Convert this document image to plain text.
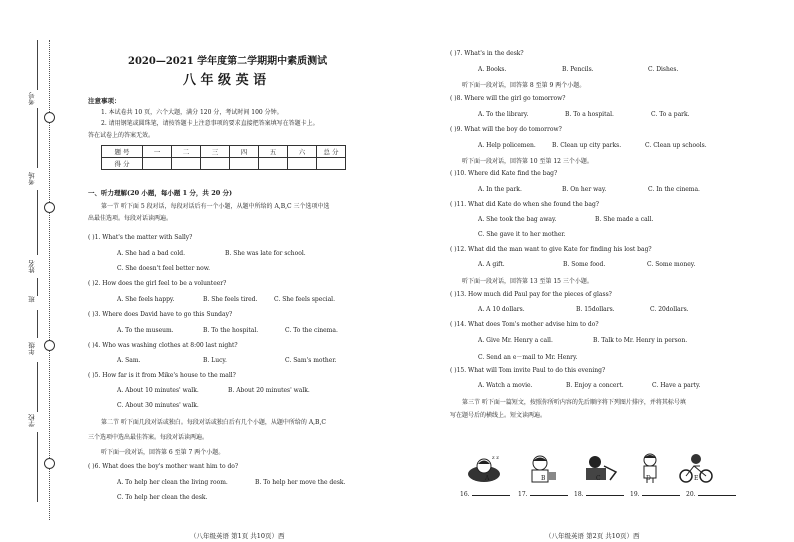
考号
考场
姓名
班
年级
学校
2020—2021 学年度第二学期期中素质测试
八 年 级 英 语
注意事项：
1. 本试卷共 10 页，六个大题，满分 120 分，考试时间 100 分钟。
2. 请用钢笔或圆珠笔，请按答题卡上注意事项的要求直接把答案填写在答题卡上。
答在试卷上的答案无效。
题 号	一	二	三	四	五	六	总 分
得 分							
一、听力理解(20 小题，每小题 1 分，共 20 分)
第一节 听下面 5 段对话，每段对话后有一个小题，从题中所给的 A,B,C 三个选项中选
出最佳选项。每段对话读两遍。
( )1. What's the matter with Sally?
A. She had a bad cold.	B. She was late for school.
C. She doesn't feel better now.
( )2. How does the girl feel to be a volunteer?
A. She feels happy.	B. She feels tired.	C. She feels special.
( )3. Where does David have to go this Sunday?
A. To the museum.	B. To the hospital.	C. To the cinema.
( )4. Who was washing clothes at 8:00 last night?
A. Sam.	B. Lucy.	C. Sam's mother.
( )5. How far is it from Mike's house to the mall?
A. About 10 minutes' walk.	B. About 20 minutes' walk.
C. About 30 minutes' walk.
第二节 听下面几段对话或独白。每段对话或独白后有几个小题，从题中所给的 A,B,C
三个选项中选出最佳答案。每段对话读两遍。
听下面一段对话，回答第 6 至第 7 两个小题。
( )6. What does the boy's mother want him to do?
A. To help her clean the living room.	B. To help her move the desk.
C. To help her clean the desk.
（八年级英语 第1页 共10页）西
( )7. What's in the desk?
A. Books.	B. Pencils.	C. Dishes.
听下面一段对话，回答第 8 至第 9 两个小题。
( )8. Where will the girl go tomorrow?
A. To the library.	B. To a hospital.	C. To a park.
( )9. What will the boy do tomorrow?
A. Help policemen.	B. Clean up city parks.	C. Clean up schools.
听下面一段对话，回答第 10 至第 12 三个小题。
( )10. Where did Kate find the bag?
A. In the park.	B. On her way.	C. In the cinema.
( )11. What did Kate do when she found the bag?
A. She took the bag away.	B. She made a call.
C. She gave it to her mother.
( )12. What did the man want to give Kate for finding his lost bag?
A. A gift.	B. Some food.	C. Some money.
听下面一段对话，回答第 13 至第 15 三个小题。
( )13. How much did Paul pay for the pieces of glass?
A. A 10 dollars.	B. 15dollars.	C. 20dollars.
( )14. What does Tom's mother advise him to do?
A. Give Mr. Henry a call.	B. Talk to Mr. Henry in person.
C. Send an e－mail to Mr. Henry.
( )15. What will Tom invite Paul to do this evening?
A. Watch a movie.	B. Enjoy a concert.	C. Have a party.
第三节 听下面一篇短文，按照你所听内容的先后顺序将下列图片排序，并将其标号填
写在题号后的横线上。短文读两遍。
z z
A	B	C	D	E
16.	17.	18.	19.	20.
（八年级英语 第2页 共10页）西
